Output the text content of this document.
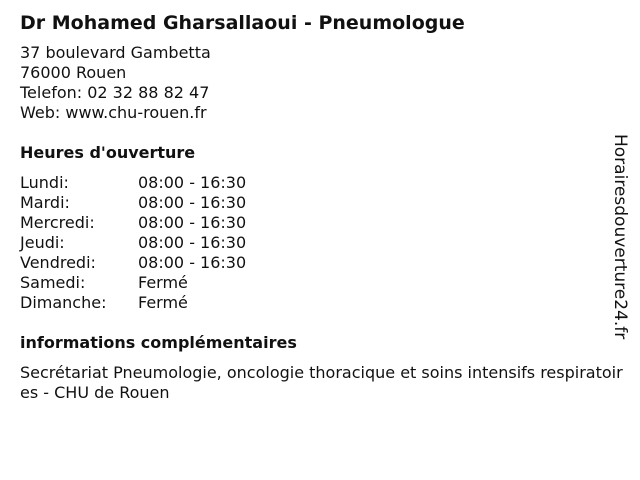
Dr Mohamed Gharsallaoui - Pneumologue
37 boulevard Gambetta
76000 Rouen
Telefon: 02 32 88 82 47
Web: www.chu-rouen.fr
Heures d'ouverture
Lundi:	08:00 - 16:30
Mardi:	08:00 - 16:30
Mercredi:	08:00 - 16:30
Jeudi:	08:00 - 16:30
Vendredi:	08:00 - 16:30
Samedi:	Fermé
Dimanche:	Fermé
informations complémentaires
Secrétariat Pneumologie, oncologie thoracique et soins intensifs respiratoires - CHU de Rouen
Horairesdouverture24.fr
